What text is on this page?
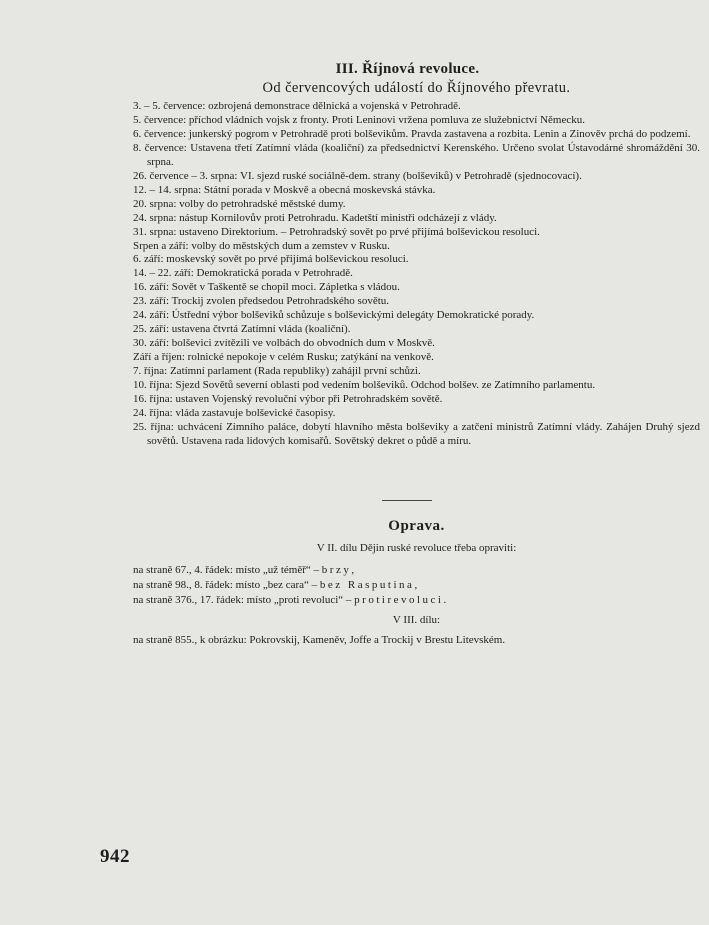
III. Říjnová revoluce.
Od červencových událostí do Říjnového převratu.
3. – 5. července: ozbrojená demonstrace dělnická a vojenská v Petrohradě.
5. července: příchod vládních vojsk z fronty. Proti Leninovi vržena pomluva ze služebnictví Německu.
6. července: junkerský pogrom v Petrohradě proti bolševikům. Pravda zastavena a rozbita. Lenin a Zinověv prchá do podzemí.
8. července: Ustavena třetí Zatímní vláda (koaliční) za předsednictví Kerenského. Určeno svolat Ústavodárné shromáždění 30. srpna.
26. července – 3. srpna: VI. sjezd ruské sociálně-dem. strany (bolševiků) v Petrohradě (sjednocovací).
12. – 14. srpna: Státní porada v Moskvě a obecná moskevská stávka.
20. srpna: volby do petrohradské městské dumy.
24. srpna: nástup Kornilovův proti Petrohradu. Kadetští ministři odcházejí z vlády.
31. srpna: ustaveno Direktorium. – Petrohradský sovět po prvé přijímá bolševickou resoluci.
Srpen a září: volby do městských dum a zemstev v Rusku.
6. září: moskevský sovět po prvé přijímá bolševickou resoluci.
14. – 22. září: Demokratická porada v Petrohradě.
16. září: Sovět v Taškentě se chopil moci. Zápletka s vládou.
23. září: Trockij zvolen předsedou Petrohradského sovětu.
24. září: Ústřední výbor bolševiků schůzuje s bolševickými delegáty Demokratické porady.
25. září: ustavena čtvrtá Zatímní vláda (koaliční).
30. září: bolševici zvítězili ve volbách do obvodních dum v Moskvě.
Září a říjen: rolnické nepokoje v celém Rusku; zatýkání na venkově.
7. října: Zatímní parlament (Rada republiky) zahájil první schůzi.
10. října: Sjezd Sovětů severní oblasti pod vedením bolševiků. Odchod bolšev. ze Zatímního parlamentu.
16. října: ustaven Vojenský revoluční výbor při Petrohradském sovětě.
24. října: vláda zastavuje bolševické časopisy.
25. října: uchvácení Zimního paláce, dobytí hlavního města bolševiky a zatčení ministrů Zatímní vlády. Zahájen Druhý sjezd sovětů. Ustavena rada lidových komisařů. Sovětský dekret o půdě a míru.
Oprava.
V II. dílu Dějin ruské revoluce třeba opraviti:
na straně 67., 4. řádek: místo „už téměř“ – brzy,
na straně 98., 8. řádek: místo „bez cara“ – bez Rasputina,
na straně 376., 17. řádek: místo „proti revoluci“ – protirevoluci.
V III. dílu:
na straně 855., k obrázku: Pokrovskij, Kameněv, Joffe a Trockij v Brestu Litevském.
942
